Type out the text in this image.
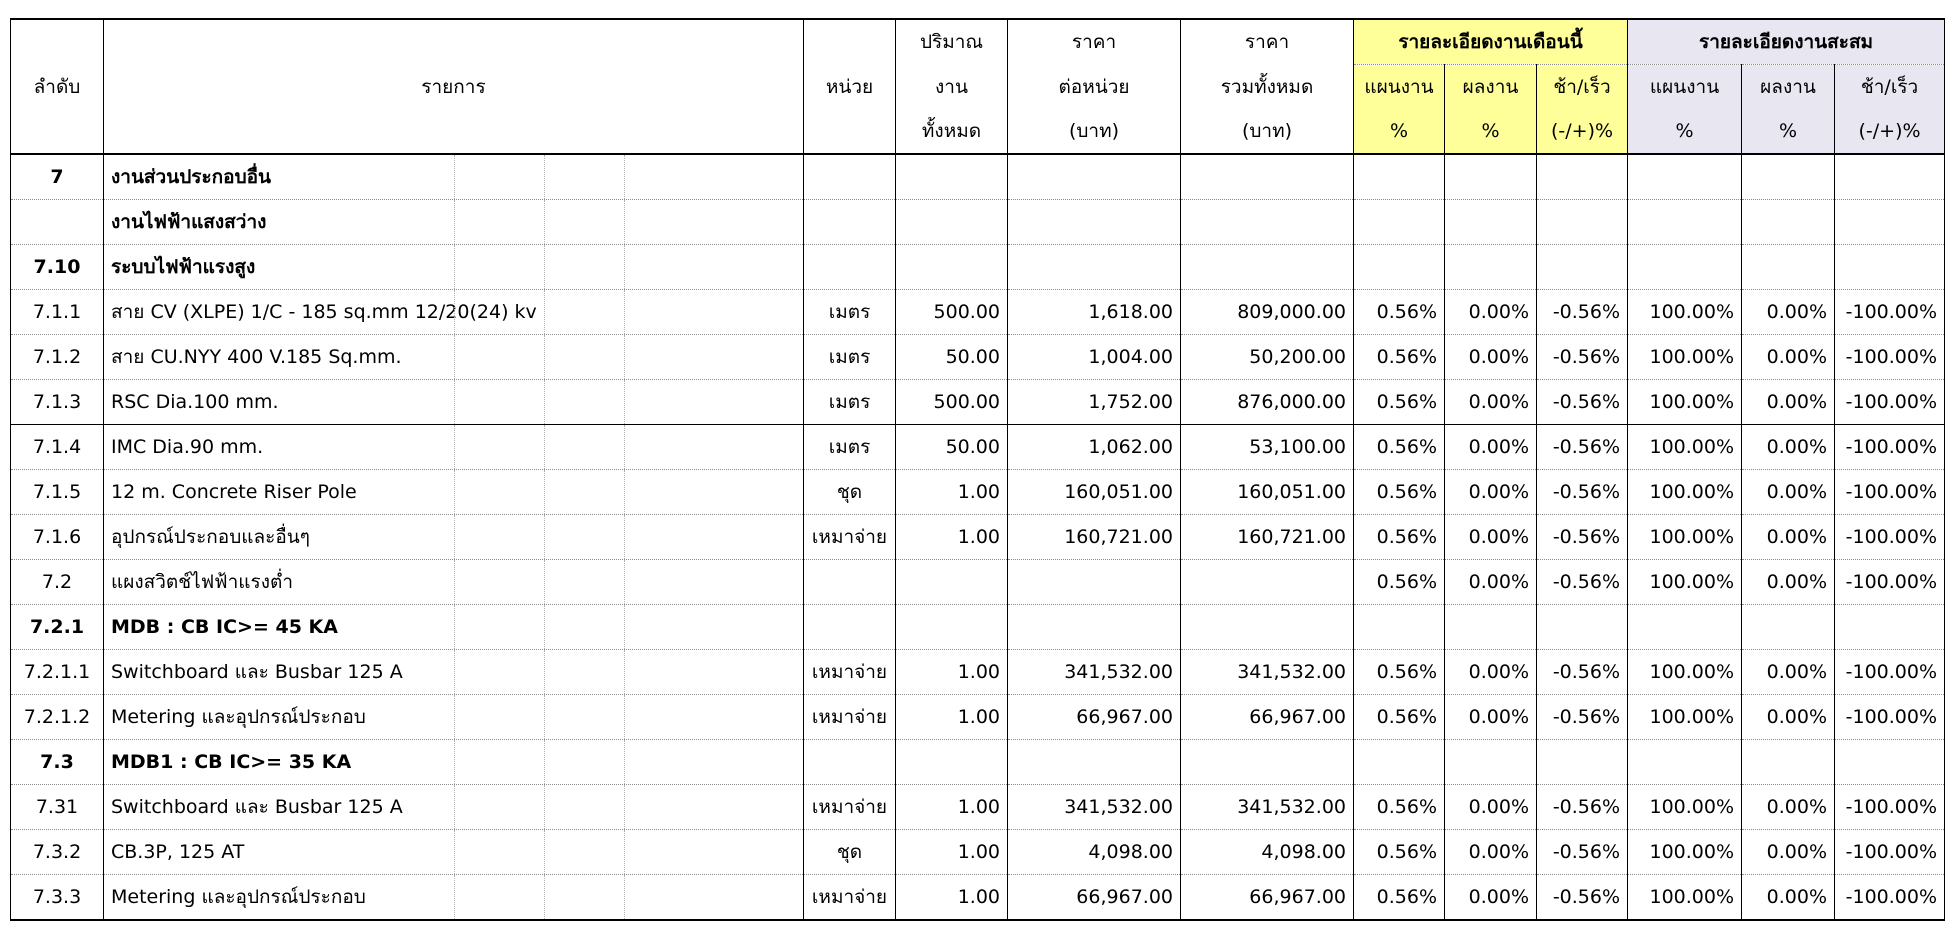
ลำดับ	รายการ	หน่วย	ปริมาณ	ราคา	ราคา	รายละเอียดงานเดือนนี้			รายละเอียดงานสะสม		
			งาน	ต่อหน่วย	รวมทั้งหมด	แผนงาน	ผลงาน	ช้า/เร็ว	แผนงาน	ผลงาน	ช้า/เร็ว
			ทั้งหมด	(บาท)	(บาท)	%	%	(-/+)%	%	%	(-/+)%
7	งานส่วนประกอบอื่น

	งานไฟฟ้าแสงสว่าง

7.10	ระบบไฟฟ้าแรงสูง

7.1.1	สาย CV (XLPE) 1/C - 185 sq.mm 12/20(24) kv	เมตร	500.00	1,618.00	809,000.00	0.56%	0.00%	-0.56%	100.00%	0.00%	-100.00%
7.1.2	สาย CU.NYY 400 V.185 Sq.mm.	เมตร	50.00	1,004.00	50,200.00	0.56%	0.00%	-0.56%	100.00%	0.00%	-100.00%
7.1.3	RSC Dia.100 mm.	เมตร	500.00	1,752.00	876,000.00	0.56%	0.00%	-0.56%	100.00%	0.00%	-100.00%
7.1.4	IMC Dia.90 mm.	เมตร	50.00	1,062.00	53,100.00	0.56%	0.00%	-0.56%	100.00%	0.00%	-100.00%
7.1.5	12 m. Concrete Riser Pole	ชุด	1.00	160,051.00	160,051.00	0.56%	0.00%	-0.56%	100.00%	0.00%	-100.00%
7.1.6	อุปกรณ์ประกอบและอื่นๆ	เหมาจ่าย	1.00	160,721.00	160,721.00	0.56%	0.00%	-0.56%	100.00%	0.00%	-100.00%
7.2	แผงสวิตช์ไฟฟ้าแรงต่ำ					0.56%	0.00%	-0.56%	100.00%	0.00%	-100.00%
7.2.1	MDB : CB IC>= 45 KA

7.2.1.1	Switchboard และ Busbar 125 A	เหมาจ่าย	1.00	341,532.00	341,532.00	0.56%	0.00%	-0.56%	100.00%	0.00%	-100.00%
7.2.1.2	Metering และอุปกรณ์ประกอบ	เหมาจ่าย	1.00	66,967.00	66,967.00	0.56%	0.00%	-0.56%	100.00%	0.00%	-100.00%
7.3	MDB1 : CB IC>= 35 KA

7.31	Switchboard และ Busbar 125 A	เหมาจ่าย	1.00	341,532.00	341,532.00	0.56%	0.00%	-0.56%	100.00%	0.00%	-100.00%
7.3.2	CB.3P, 125 AT	ชุด	1.00	4,098.00	4,098.00	0.56%	0.00%	-0.56%	100.00%	0.00%	-100.00%
7.3.3	Metering และอุปกรณ์ประกอบ	เหมาจ่าย	1.00	66,967.00	66,967.00	0.56%	0.00%	-0.56%	100.00%	0.00%	-100.00%
